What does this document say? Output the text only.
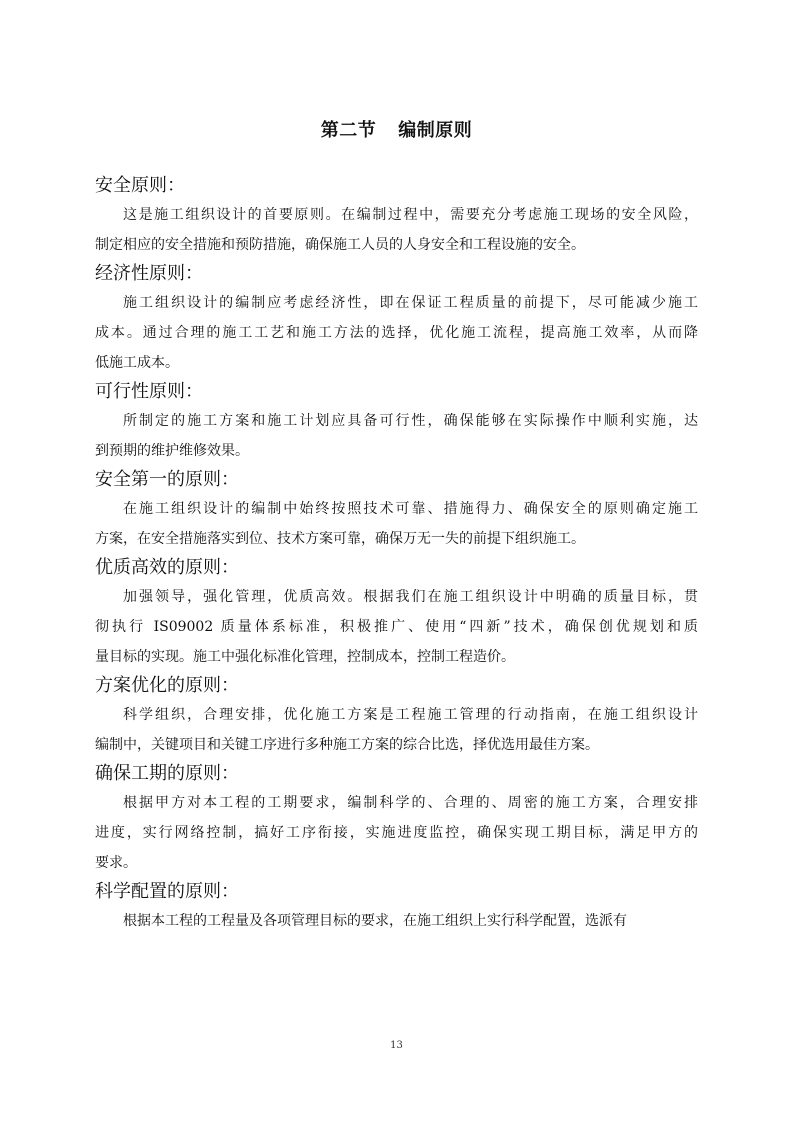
第二节 编制原则
安全原则：
这是施工组织设计的首要原则。在编制过程中，需要充分考虑施工现场的安全风险，
制定相应的安全措施和预防措施，确保施工人员的人身安全和工程设施的安全。
经济性原则：
施工组织设计的编制应考虑经济性，即在保证工程质量的前提下，尽可能减少施工
成本。通过合理的施工工艺和施工方法的选择，优化施工流程，提高施工效率，从而降
低施工成本。
可行性原则：
所制定的施工方案和施工计划应具备可行性，确保能够在实际操作中顺利实施，达
到预期的维护维修效果。
安全第一的原则：
在施工组织设计的编制中始终按照技术可靠、措施得力、确保安全的原则确定施工
方案，在安全措施落实到位、技术方案可靠，确保万无一失的前提下组织施工。
优质高效的原则：
加强领导，强化管理，优质高效。根据我们在施工组织设计中明确的质量目标，贯
彻执行 IS09002 质量体系标准，积极推广、使用“四新”技术，确保创优规划和质
量目标的实现。施工中强化标准化管理，控制成本，控制工程造价。
方案优化的原则：
科学组织，合理安排，优化施工方案是工程施工管理的行动指南，在施工组织设计
编制中，关键项目和关键工序进行多种施工方案的综合比选，择优选用最佳方案。
确保工期的原则：
根据甲方对本工程的工期要求，编制科学的、合理的、周密的施工方案，合理安排
进度，实行网络控制，搞好工序衔接，实施进度监控，确保实现工期目标，满足甲方的
要求。
科学配置的原则：
根据本工程的工程量及各项管理目标的要求，在施工组织上实行科学配置，选派有
13
